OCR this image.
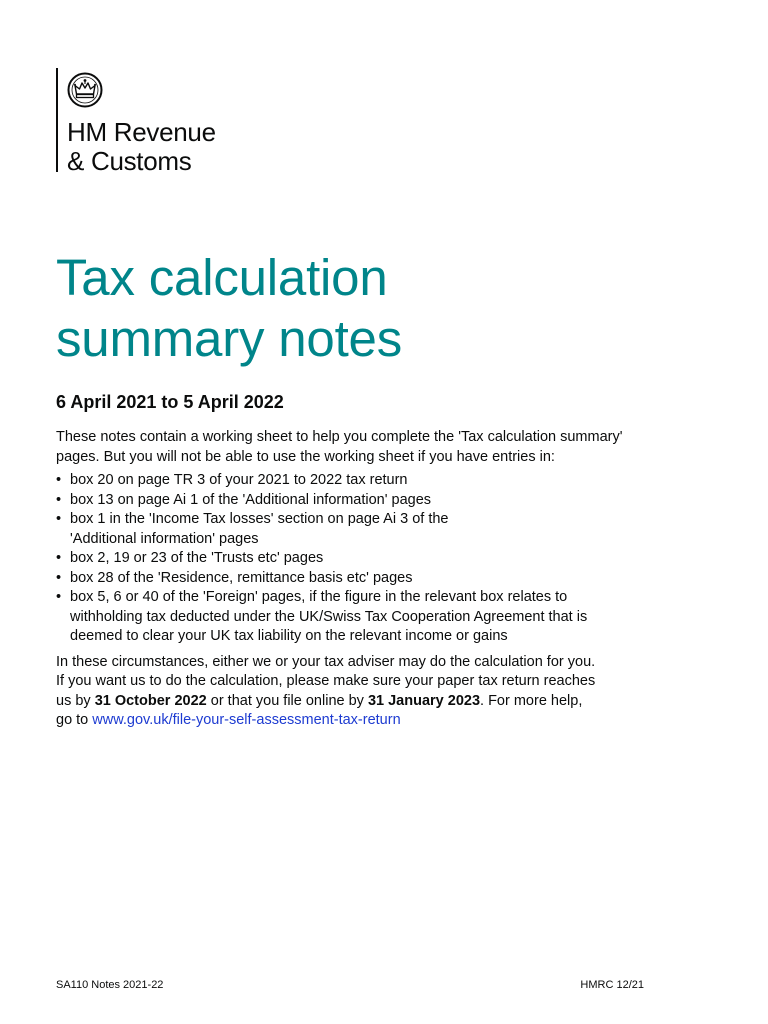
HM Revenue
& Customs
Tax calculation
summary notes
6 April 2021 to 5 April 2022

These notes contain a working sheet to help you complete the 'Tax calculation summary'
pages. But you will not be able to use the working sheet if you have entries in:

• box 20 on page TR 3 of your 2021 to 2022 tax return
• box 13 on page Ai 1 of the 'Additional information' pages
• box 1 in the 'Income Tax losses' section on page Ai 3 of the
'Additional information' pages
• box 2, 19 or 23 of the 'Trusts etc' pages
• box 28 of the 'Residence, remittance basis etc' pages
• box 5, 6 or 40 of the 'Foreign' pages, if the figure in the relevant box relates to
withholding tax deducted under the UK/Swiss Tax Cooperation Agreement that is
deemed to clear your UK tax liability on the relevant income or gains

In these circumstances, either we or your tax adviser may do the calculation for you.
If you want us to do the calculation, please make sure your paper tax return reaches
us by 31 October 2022 or that you file online by 31 January 2023. For more help,
go to www.gov.uk/file-your-self-assessment-tax-return

SA110 Notes 2021-22	HMRC 12/21
